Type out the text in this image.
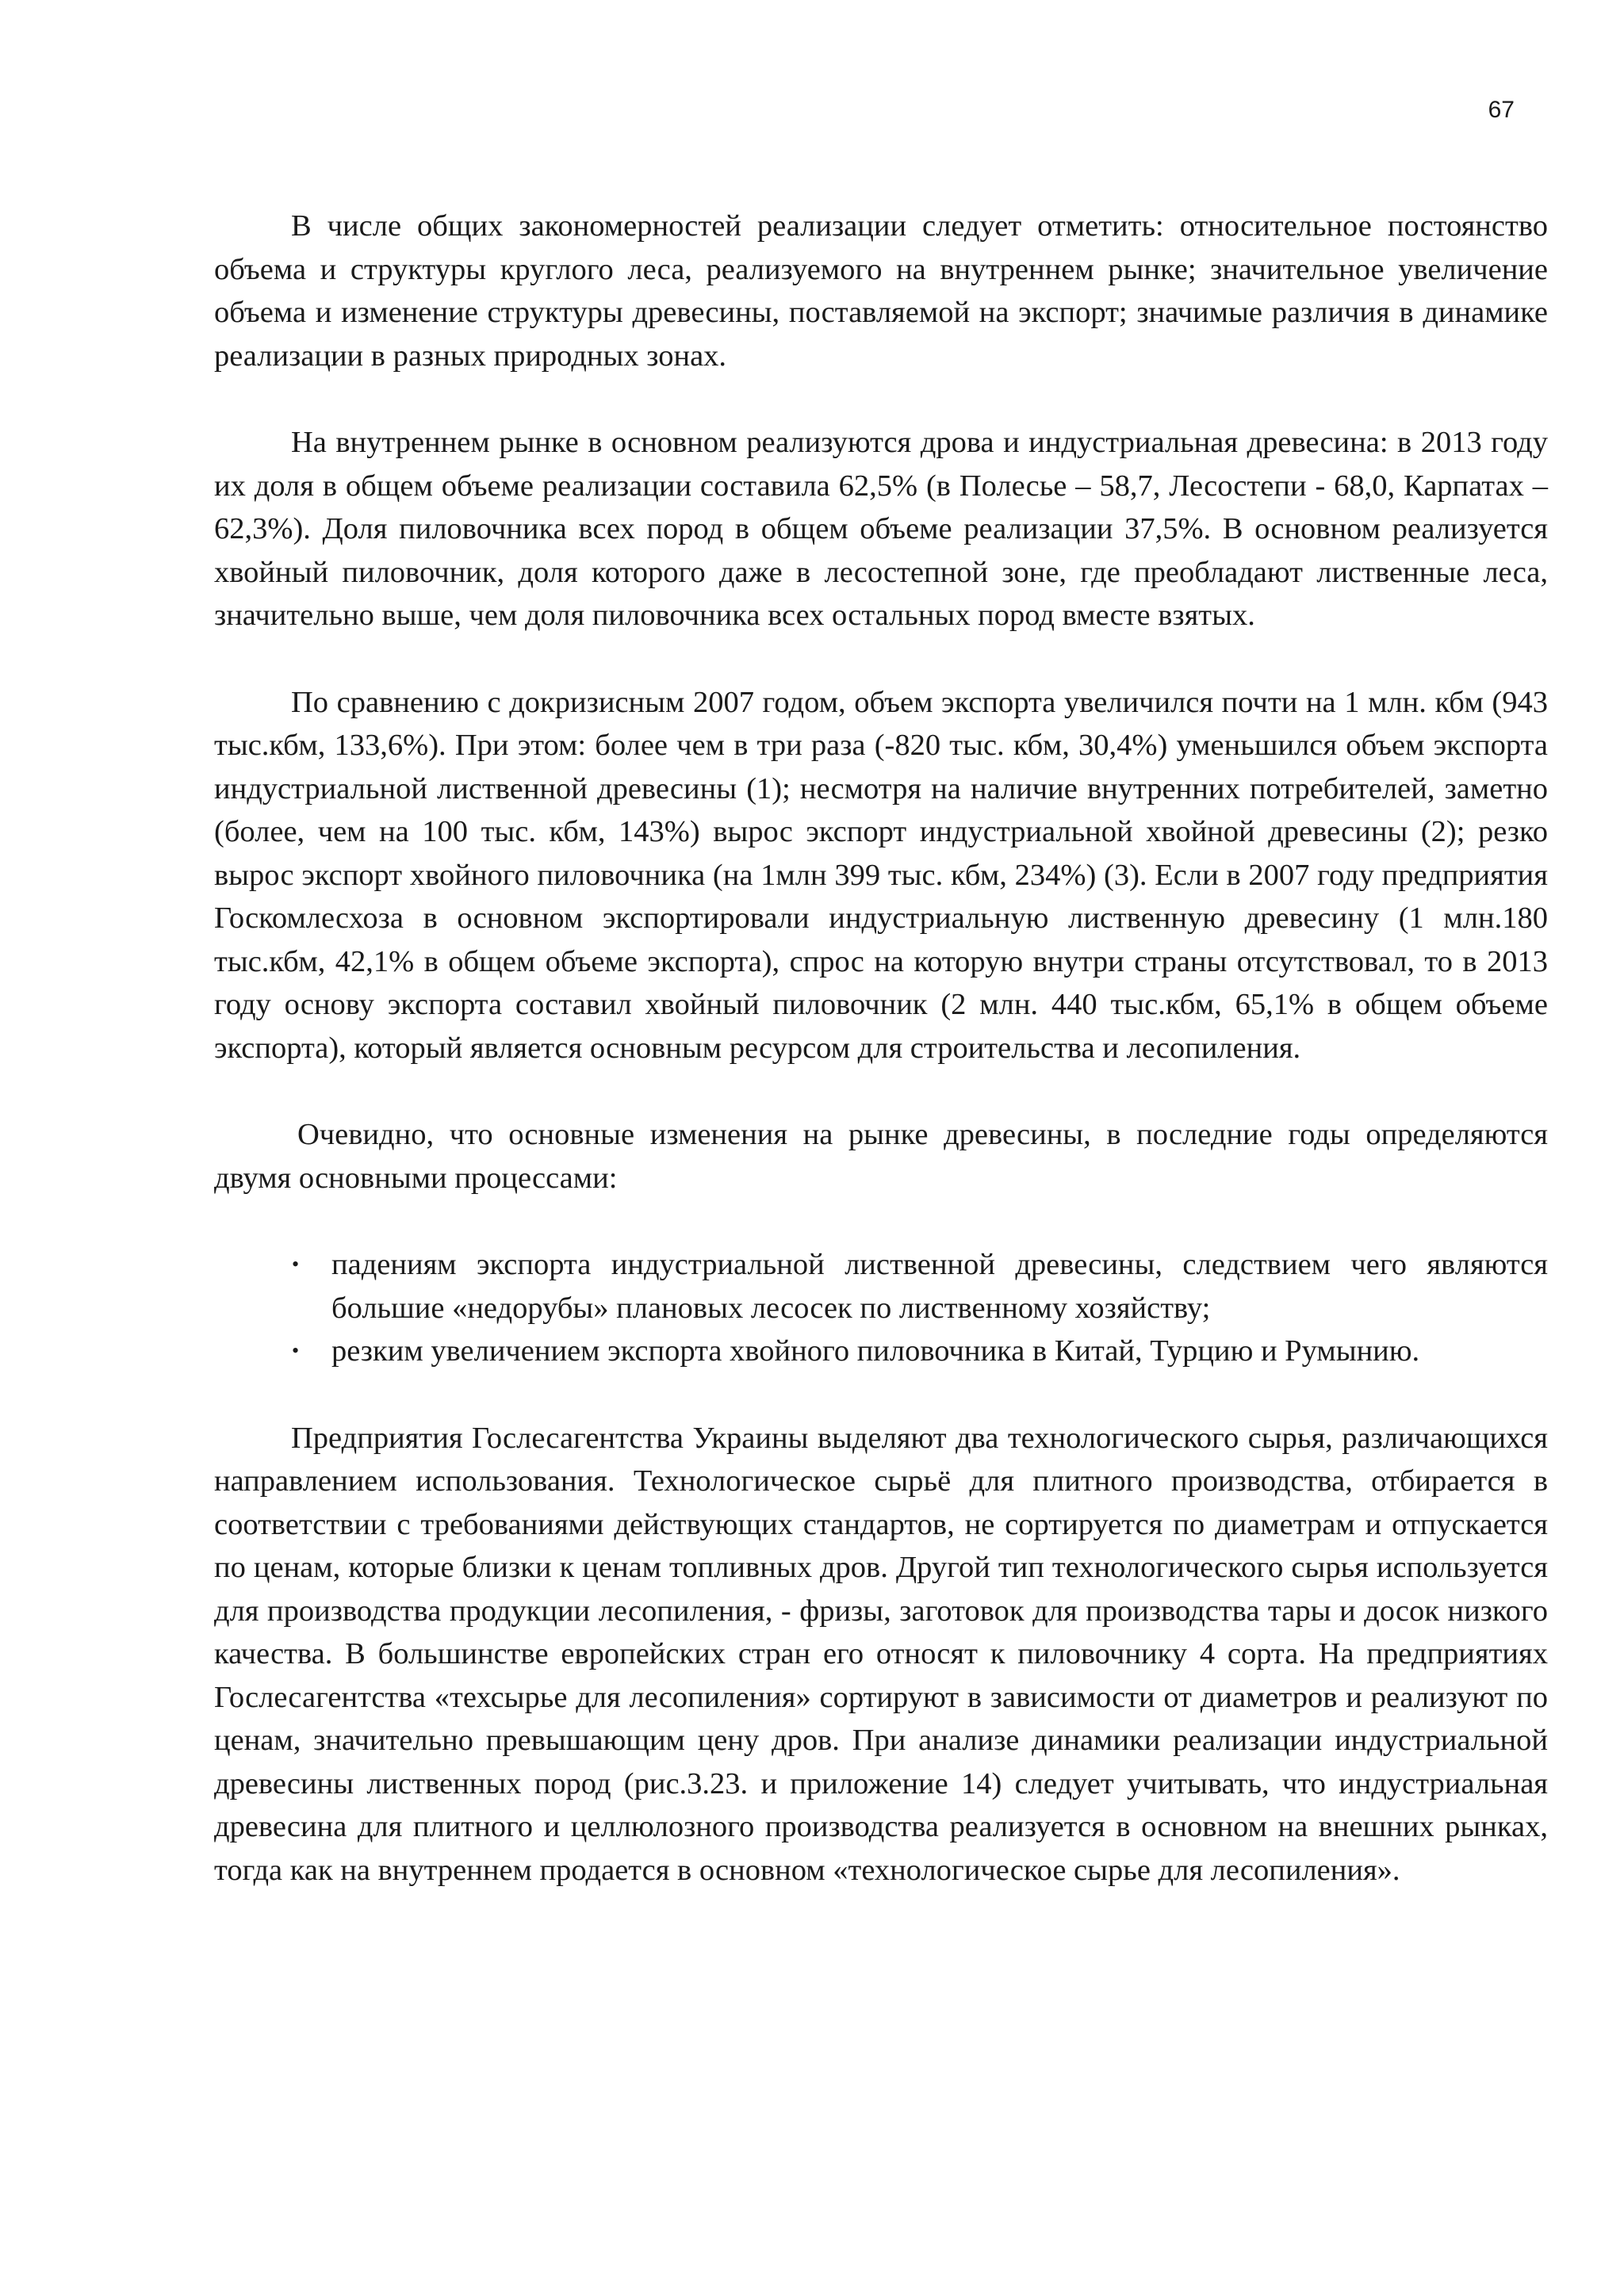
67

В числе общих закономерностей реализации следует отметить: относительное постоянство объема и структуры круглого леса, реализуемого на внутреннем рынке; значительное увеличение объема и изменение структуры древесины, поставляемой на экспорт; значимые различия в динамике реализации в разных природных зонах.

На внутреннем рынке в основном реализуются дрова и индустриальная древесина: в 2013 году их доля в общем объеме реализации составила 62,5% (в Полесье – 58,7, Лесостепи - 68,0, Карпатах – 62,3%). Доля пиловочника всех пород в общем объеме реализации 37,5%. В основном реализуется хвойный пиловочник, доля которого даже в лесостепной зоне, где преобладают лиственные леса, значительно выше, чем доля пиловочника всех остальных пород вместе взятых.

По сравнению с докризисным 2007 годом, объем экспорта увеличился почти на 1 млн. кбм (943 тыс.кбм, 133,6%). При этом: более чем в три раза (-820 тыс. кбм, 30,4%) уменьшился объем экспорта индустриальной лиственной древесины (1); несмотря на наличие внутренних потребителей, заметно (более, чем на 100 тыс. кбм, 143%) вырос экспорт индустриальной хвойной древесины (2); резко вырос экспорт хвойного пиловочника (на 1млн 399 тыс. кбм, 234%) (3). Если в 2007 году предприятия Госкомлесхоза в основном экспортировали индустриальную лиственную древесину (1 млн.180 тыс.кбм, 42,1% в общем объеме экспорта), спрос на которую внутри страны отсутствовал, то в 2013 году основу экспорта составил хвойный пиловочник (2 млн. 440 тыс.кбм, 65,1% в общем объеме экспорта), который является основным ресурсом для строительства и лесопиления.

Очевидно, что основные изменения на рынке древесины, в последние годы определяются двумя основными процессами:

• падениям экспорта индустриальной лиственной древесины, следствием чего являются большие «недорубы» плановых лесосек по лиственному хозяйству;
• резким увеличением экспорта хвойного пиловочника в Китай, Турцию и Румынию.

Предприятия Гослесагентства Украины выделяют два технологического сырья, различающихся направлением использования. Технологическое сырьё для плитного производства, отбирается в соответствии с требованиями действующих стандартов, не сортируется по диаметрам и отпускается по ценам, которые близки к ценам топливных дров. Другой тип технологического сырья используется для производства продукции лесопиления, - фризы, заготовок для производства тары и досок низкого качества. В большинстве европейских стран его относят к пиловочнику 4 сорта. На предприятиях Гослесагентства «техсырье для лесопиления» сортируют в зависимости от диаметров и реализуют по ценам, значительно превышающим цену дров. При анализе динамики реализации индустриальной древесины лиственных пород (рис.3.23. и приложение 14) следует учитывать, что индустриальная древесина для плитного и целлюлозного производства реализуется в основном на внешних рынках, тогда как на внутреннем продается в основном «технологическое сырье для лесопиления».
